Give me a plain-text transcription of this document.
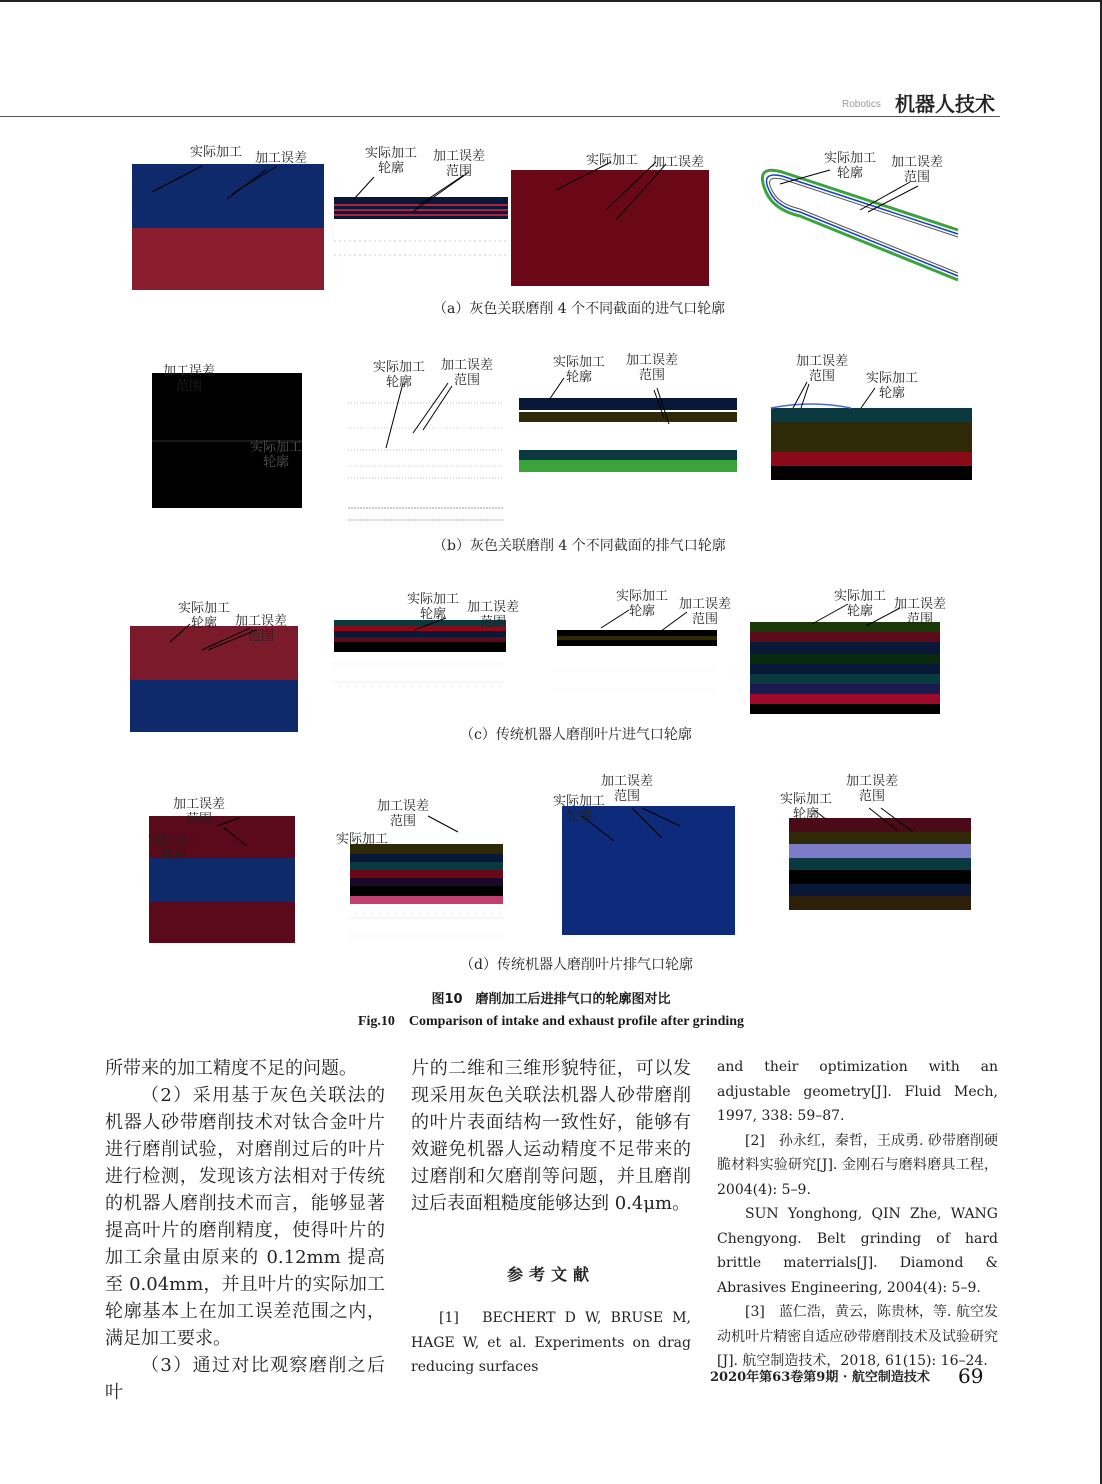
Robotics 机器人技术
实际加工 加工误差	实际加工
轮廓
加工误差
范围
实际加工 加工误差	实际加工
轮廓
加工误差
范围
（a）灰色关联磨削 4 个不同截面的进气口轮廓
加工误差
范围
实际加工
轮廓
实际加工
轮廓
加工误差
范围
实际加工
轮廓
加工误差
范围
加工误差
范围	实际加工
轮廓
（b）灰色关联磨削 4 个不同截面的排气口轮廓
实际加工
轮廓	加工误差
范围
实际加工
轮廓	加工误差
范围
实际加工
轮廓	加工误差
范围
实际加工
轮廓	加工误差
范围
（c）传统机器人磨削叶片进气口轮廓
加工误差
范围
实际加工
轮廓
加工误差
范围
实际加工
加工误差
范围
实际加工
轮廓
实际加工
轮廓
加工误差
范围
（d）传统机器人磨削叶片排气口轮廓
图10　磨削加工后进排气口的轮廓图对比
Fig.10　Comparison of intake and exhaust profile after grinding

所带来的加工精度不足的问题。

（2）采用基于灰色关联法的机器人砂带磨削技术对钛合金叶片进行磨削试验，对磨削过后的叶片进行检测，发现该方法相对于传统的机器人磨削技术而言，能够显著提高叶片的磨削精度，使得叶片的加工余量由原来的 0.12mm 提高至 0.04mm，并且叶片的实际加工轮廓基本上在加工误差范围之内，满足加工要求。

（3）通过对比观察磨削之后叶

片的二维和三维形貌特征，可以发现采用灰色关联法机器人砂带磨削的叶片表面结构一致性好，能够有效避免机器人运动精度不足带来的过磨削和欠磨削等问题，并且磨削过后表面粗糙度能够达到 0.4μm。

参考文献

[1]　BECHERT D W, BRUSE M, HAGE W, et al. Experiments on drag reducing surfaces

and their optimization with an adjustable geometry[J]. Fluid Mech, 1997, 338: 59–87.

[2]　孙永红，秦哲，王成勇. 砂带磨削硬脆材料实验研究[J]. 金刚石与磨料磨具工程，2004(4): 5–9.

SUN Yonghong, QIN Zhe, WANG Chengyong. Belt grinding of hard brittle materrials[J]. Diamond & Abrasives Engineering, 2004(4): 5–9.

[3]　蓝仁浩，黄云，陈贵林，等. 航空发动机叶片精密自适应砂带磨削技术及试验研究[J]. 航空制造技术，2018, 61(15): 16–24.

2020年第63卷第9期 · 航空制造技术 69
